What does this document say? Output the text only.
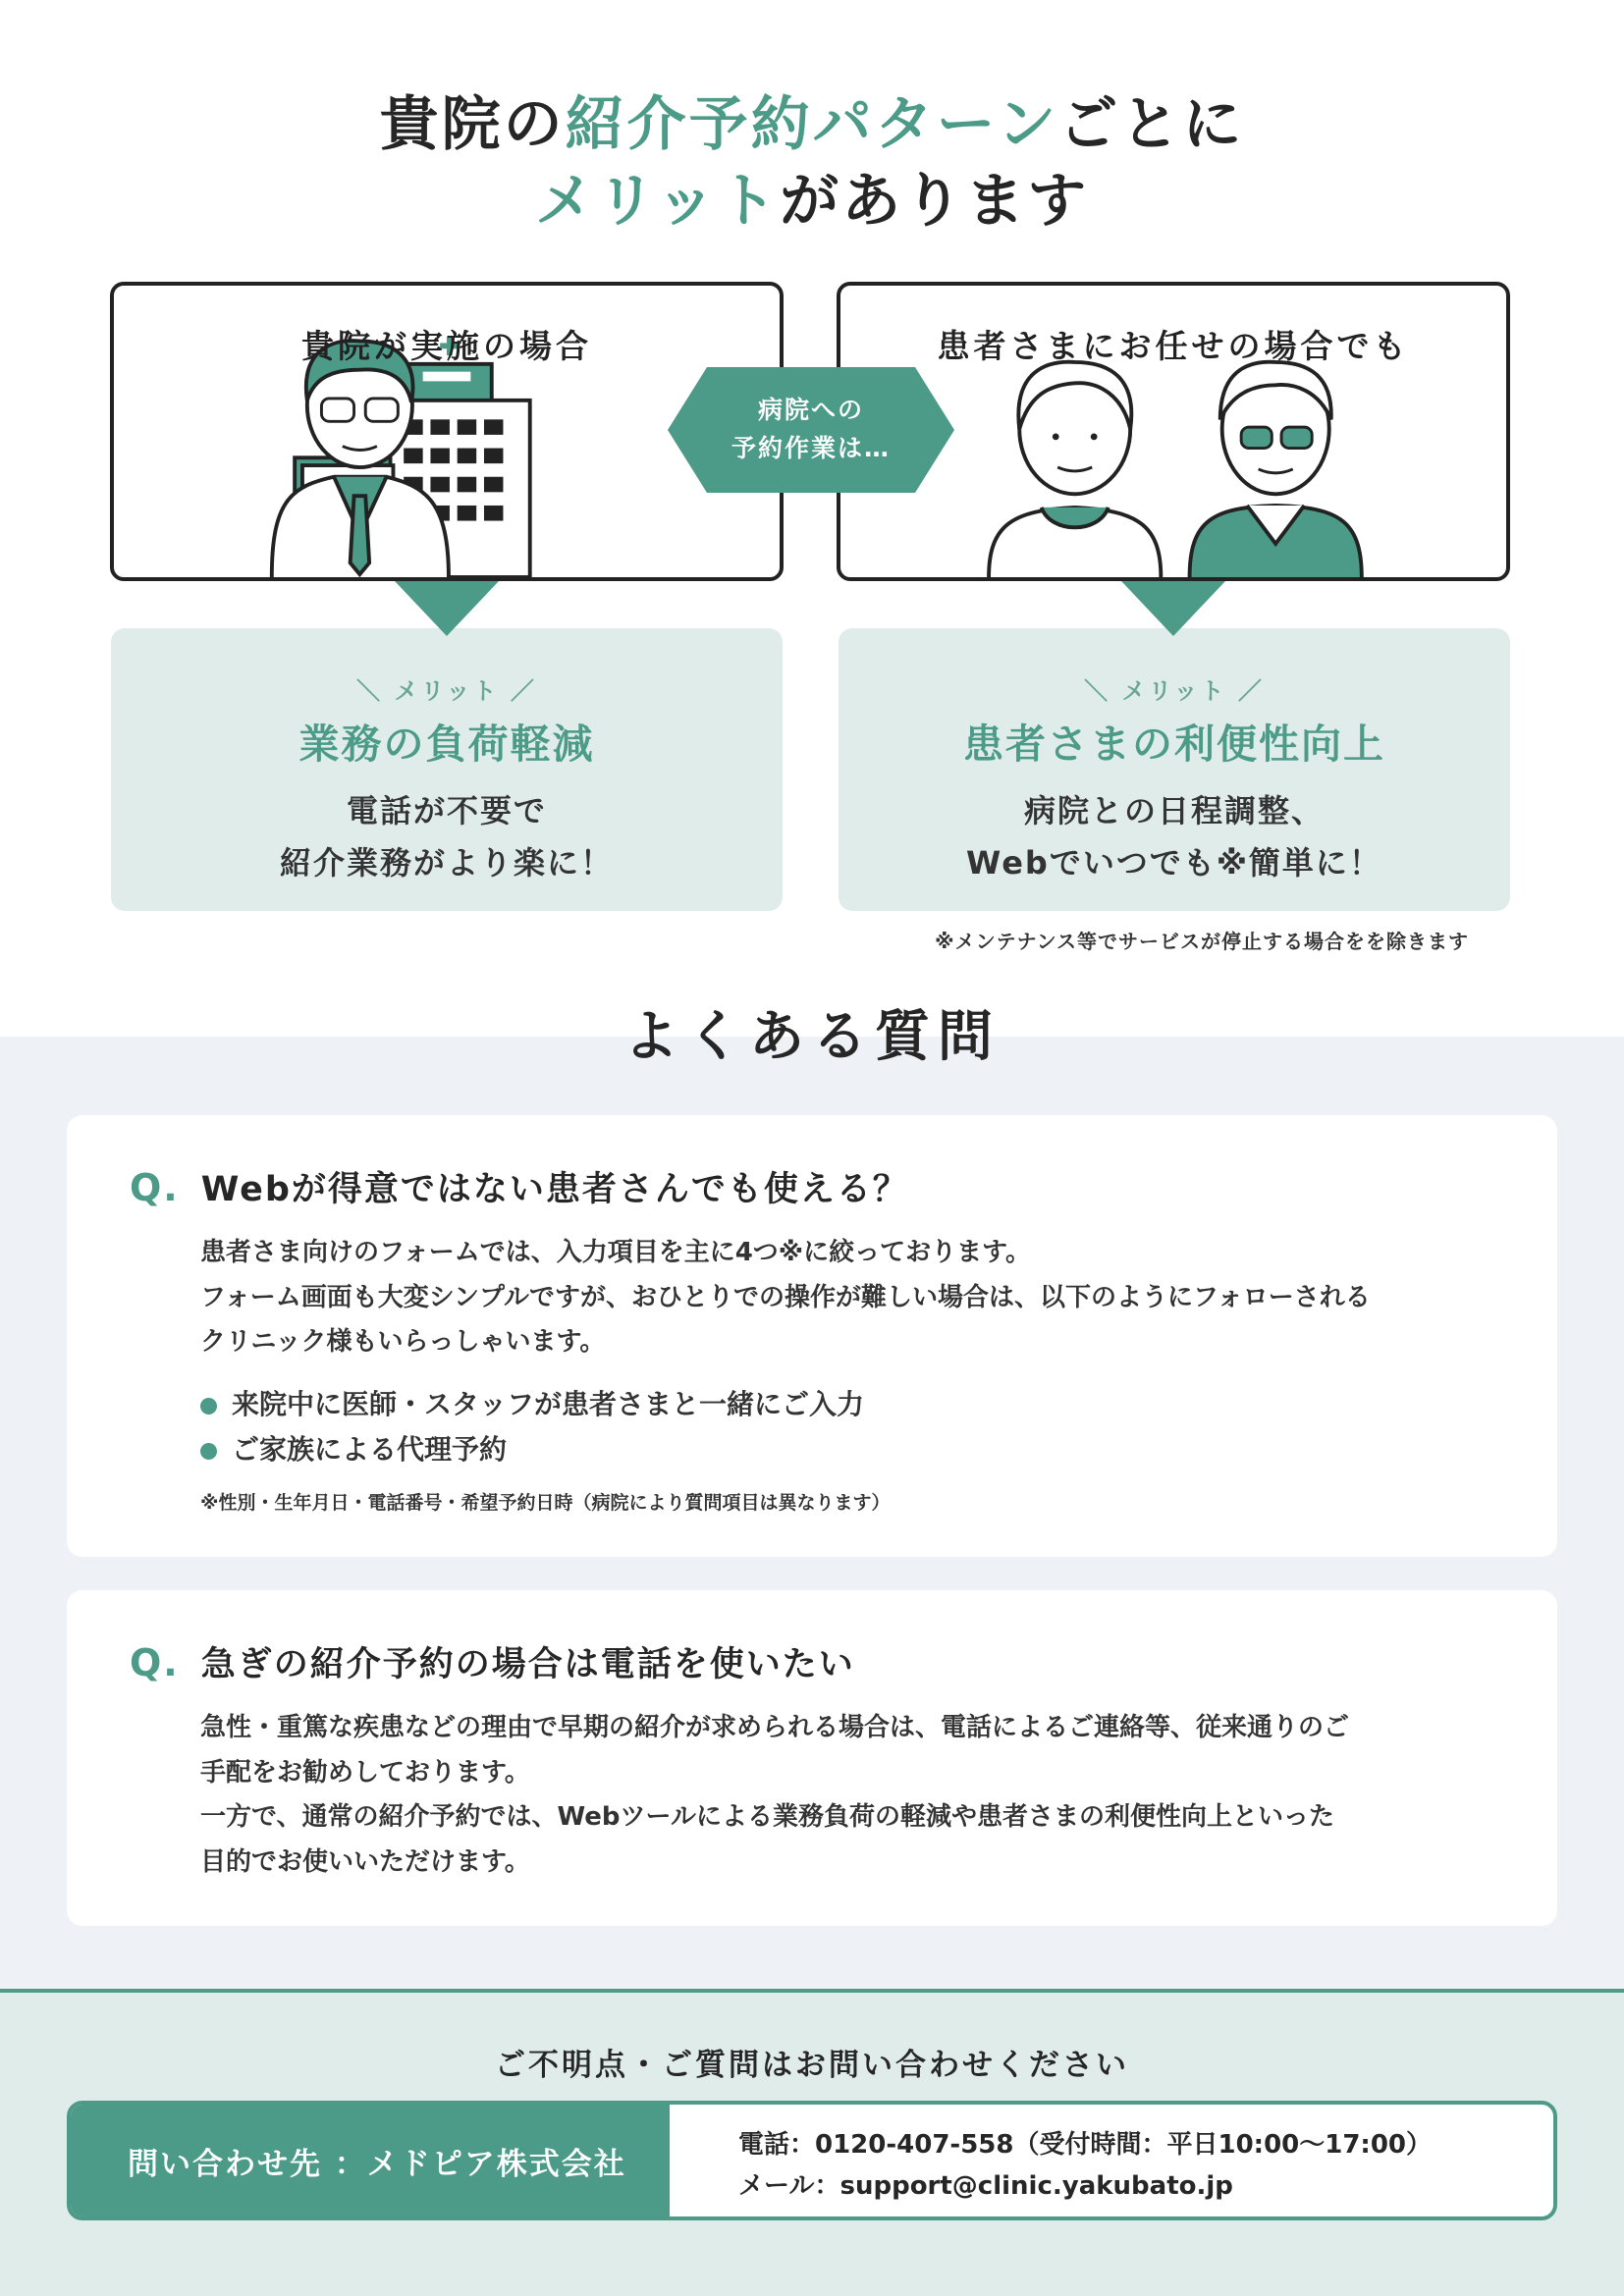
貴院の紹介予約パターンごとに
メリットがあります
貴院が実施の場合	患者さまにお任せの場合でも
病院への
予約作業は…
＼ メリット ／
業務の負荷軽減
電話が不要で
紹介業務がより楽に！
＼ メリット ／
患者さまの利便性向上
病院との日程調整、
Webでいつでも※簡単に！
※メンテナンス等でサービスが停止する場合をを除きます
よくある質問
Q. Webが得意ではない患者さんでも使える？
患者さま向けのフォームでは、入力項目を主に4つ※に絞っております。
フォーム画面も大変シンプルですが、おひとりでの操作が難しい場合は、以下のようにフォローされる
クリニック様もいらっしゃいます。
来院中に医師・スタッフが患者さまと一緒にご入力
ご家族による代理予約
※性別・生年月日・電話番号・希望予約日時（病院により質問項目は異なります）
Q. 急ぎの紹介予約の場合は電話を使いたい
急性・重篤な疾患などの理由で早期の紹介が求められる場合は、電話によるご連絡等、従来通りのご
手配をお勧めしております。
一方で、通常の紹介予約では、Webツールによる業務負荷の軽減や患者さまの利便性向上といった
目的でお使いいただけます。
ご不明点・ご質問はお問い合わせください
問い合わせ先 ：メドピア株式会社
電話：0120-407-558（受付時間：平日10:00〜17:00）
メール：support@clinic.yakubato.jp
